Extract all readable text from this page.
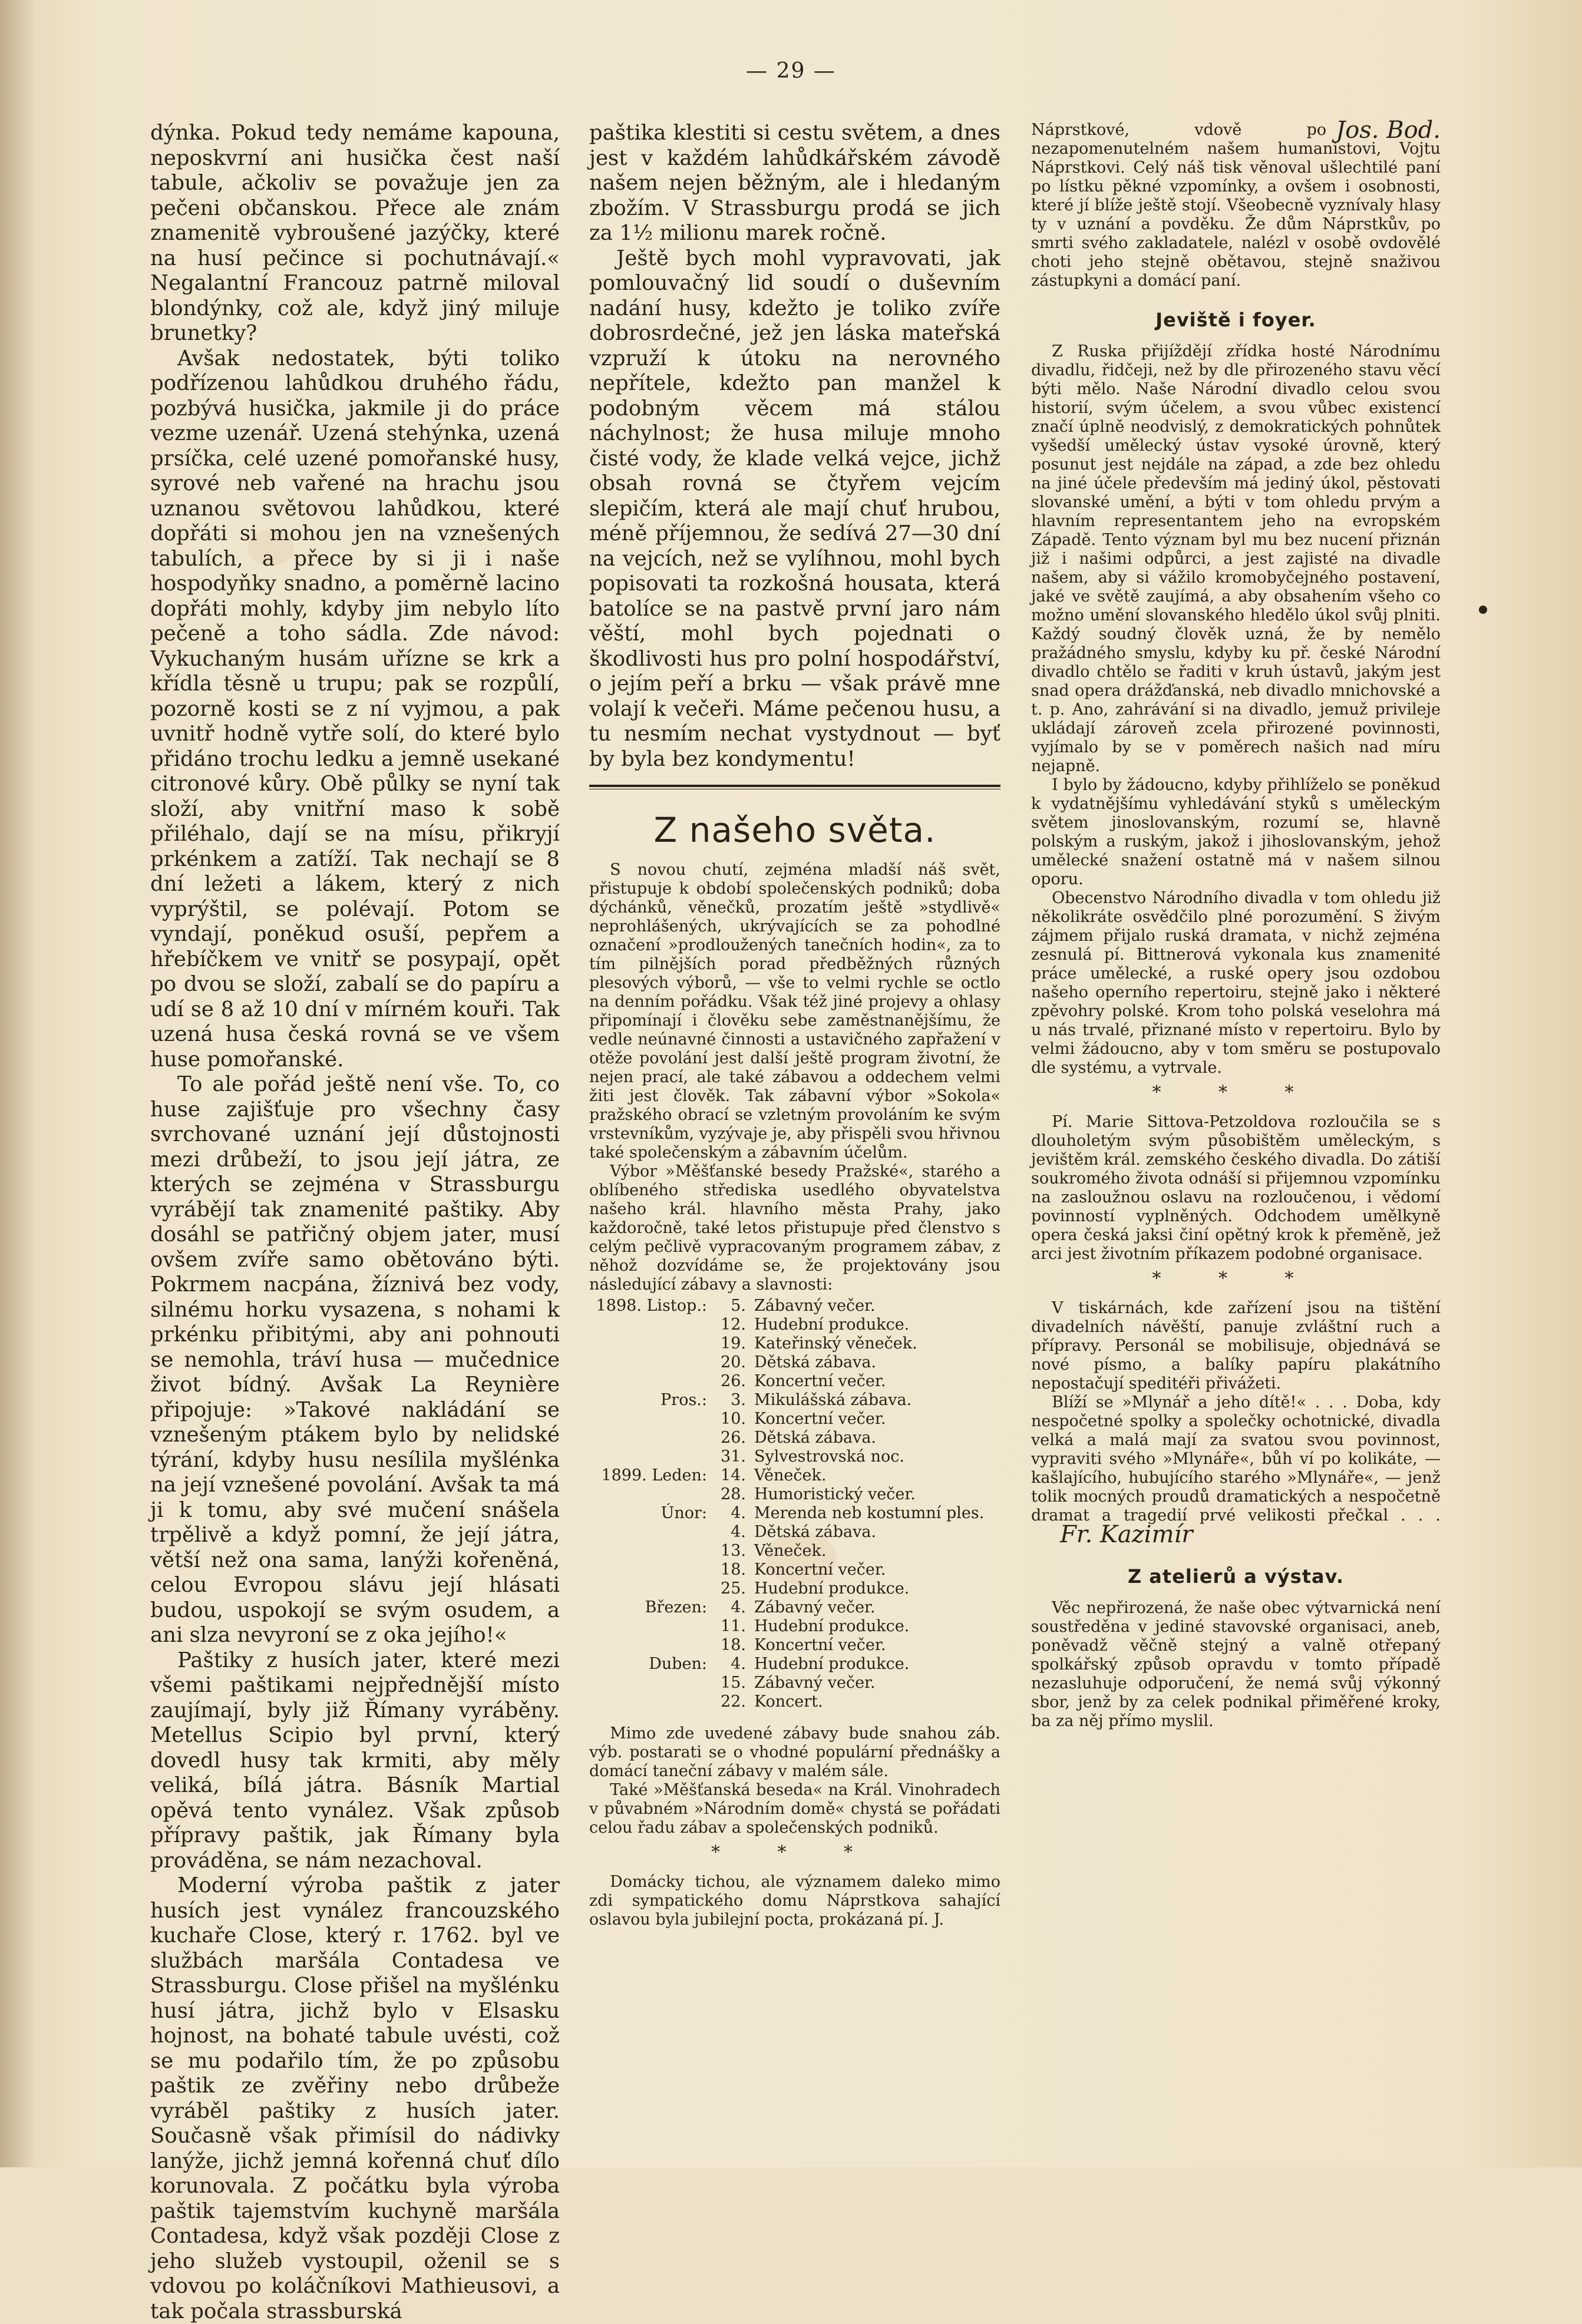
— 29 —

dýnka. Pokud tedy nemáme kapouna, neposkvrní ani husička čest naší tabule, ačkoliv se považuje jen za pečeni občanskou. Přece ale znám znamenitě vybroušené jazýčky, které na husí pečince si pochutnávají.« Negalantní Francouz patrně miloval blondýnky, což ale, když jiný miluje brunetky?

Avšak nedostatek, býti toliko podřízenou lahůdkou druhého řádu, pozbývá husička, jakmile ji do práce vezme uzenář. Uzená stehýnka, uzená prsíčka, celé uzené pomořanské husy, syrové neb vařené na hrachu jsou uznanou světovou lahůdkou, které dopřáti si mohou jen na vznešených tabulích, a přece by si ji i naše hospodyňky snadno, a poměrně lacino dopřáti mohly, kdyby jim nebylo líto pečeně a toho sádla. Zde návod: Vykuchaným husám uřízne se krk a křídla těsně u trupu; pak se rozpůlí, pozorně kosti se z ní vyjmou, a pak uvnitř hodně vytře solí, do které bylo přidáno trochu ledku a jemně usekané citronové kůry. Obě půlky se nyní tak složí, aby vnitřní maso k sobě přiléhalo, dají se na mísu, přikryjí prkénkem a zatíží. Tak nechají se 8 dní ležeti a lákem, který z nich vyprýštil, se polévají. Potom se vyndají, poněkud osuší, pepřem a hřebíčkem ve vnitř se posypají, opět po dvou se složí, zabalí se do papíru a udí se 8 až 10 dní v mírném kouři. Tak uzená husa česká rovná se ve všem huse pomořanské.

To ale pořád ještě není vše. To, co huse zajišťuje pro všechny časy svrchované uznání její důstojnosti mezi drůbeží, to jsou její játra, ze kterých se zejména v Strassburgu vyrábějí tak znamenité paštiky. Aby dosáhl se patřičný objem jater, musí ovšem zvíře samo obětováno býti. Pokrmem nacpána, žíznivá bez vody, silnému horku vysazena, s nohami k prkénku přibitými, aby ani pohnouti se nemohla, tráví husa — mučednice život bídný. Avšak La Reynière připojuje: »Takové nakládání se vznešeným ptákem bylo by nelidské týrání, kdyby husu nesílila myšlénka na její vznešené povolání. Avšak ta má ji k tomu, aby své mučení snášela trpělivě a když pomní, že její játra, větší než ona sama, lanýži kořeněná, celou Evropou slávu její hlásati budou, uspokojí se svým osudem, a ani slza nevyroní se z oka jejího!«

Paštiky z husích jater, které mezi všemi paštikami nejpřednější místo zaujímají, byly již Římany vyráběny. Metellus Scipio byl první, který dovedl husy tak krmiti, aby měly veliká, bílá játra. Básník Martial opěvá tento vynález. Však způsob přípravy paštik, jak Římany byla prováděna, se nám nezachoval.

Moderní výroba paštik z jater husích jest vynález francouzského kuchaře Close, který r. 1762. byl ve službách maršála Contadesa ve Strassburgu. Close přišel na myšlénku husí játra, jichž bylo v Elsasku hojnost, na bohaté tabule uvésti, což se mu podařilo tím, že po způsobu paštik ze zvěřiny nebo drůbeže vyráběl paštiky z husích jater. Současně však přimísil do nádivky lanýže, jichž jemná kořenná chuť dílo korunovala. Z počátku byla výroba paštik tajemstvím kuchyně maršála Contadesa, když však později Close z jeho služeb vystoupil, oženil se s vdovou po koláčníkovi Mathieusovi, a tak počala strassburská

paštika klestiti si cestu světem, a dnes jest v každém lahůdkářském závodě našem nejen běžným, ale i hledaným zbožím. V Strassburgu prodá se jich za 1½ milionu marek ročně.

Ještě bych mohl vypravovati, jak pomlouvačný lid soudí o duševním nadání husy, kdežto je toliko zvíře dobrosrdečné, jež jen láska mateřská vzpruží k útoku na nerovného nepřítele, kdežto pan manžel k podobným věcem má stálou náchylnost; že husa miluje mnoho čisté vody, že klade velká vejce, jichž obsah rovná se čtyřem vejcím slepičím, která ale mají chuť hrubou, méně příjemnou, že sedívá 27—30 dní na vejcích, než se vylíhnou, mohl bych popisovati ta rozkošná housata, která batolíce se na pastvě první jaro nám věští, mohl bych pojednati o škodlivosti hus pro polní hospodářství, o jejím peří a brku — však právě mne volají k večeři. Máme pečenou husu, a tu nesmím nechat vystydnout — byť by byla bez kondymentu!

Z našeho světa.

S novou chutí, zejména mladší náš svět, přistupuje k období společenských podniků; doba dýchánků, věnečků, prozatím ještě »stydlivě« neprohlášených, ukrývajících se za pohodlné označení »prodloužených tanečních hodin«, za to tím pilnějších porad předběžných různých plesových výborů, — vše to velmi rychle se octlo na denním pořádku. Však též jiné projevy a ohlasy připomínají i člověku sebe zaměstnanějšímu, že vedle neúnavné činnosti a ustavičného zapřažení v otěže povolání jest další ještě program životní, že nejen prací, ale také zábavou a oddechem velmi žiti jest člověk. Tak zábavní výbor »Sokola« pražského obrací se vzletným provoláním ke svým vrstevníkům, vyzývaje je, aby přispěli svou hřivnou také společenským a zábavním účelům.

Výbor »Měšťanské besedy Pražské«, starého a oblíbeného střediska usedlého obyvatelstva našeho král. hlavního města Prahy, jako každoročně, také letos přistupuje před členstvo s celým pečlivě vypracovaným programem zábav, z něhož dozvídáme se, že projektovány jsou následující zábavy a slavnosti:

1898. Listop.:	5.	Zábavný večer.
	12.	Hudební produkce.
	19.	Kateřinský věneček.
	20.	Dětská zábava.
	26.	Koncertní večer.
Pros.:	3.	Mikulášská zábava.
	10.	Koncertní večer.
	26.	Dětská zábava.
	31.	Sylvestrovská noc.
1899. Leden:	14.	Věneček.
	28.	Humoristický večer.
Únor:	4.	Merenda neb kostumní ples.
	4.	Dětská zábava.
	13.	Věneček.
	18.	Koncertní večer.
	25.	Hudební produkce.
Březen:	4.	Zábavný večer.
	11.	Hudební produkce.
	18.	Koncertní večer.
Duben:	4.	Hudební produkce.
	15.	Zábavný večer.
	22.	Koncert.

Mimo zde uvedené zábavy bude snahou záb. výb. postarati se o vhodné populární přednášky a domácí taneční zábavy v malém sále.

Také »Měšťanská beseda« na Král. Vinohradech v půvabném »Národním domě« chystá se pořádati celou řadu zábav a společenských podniků.

* * *

Domácky tichou, ale významem daleko mimo zdi sympatického domu Náprstkova sahající oslavou byla jubilejní pocta, prokázaná pí. J.

Jos. Bod.
Náprstkové, vdově po nezapomenutelném našem humanistovi, Vojtu Náprstkovi. Celý náš tisk věnoval ušlechtilé paní po lístku pěkné vzpomínky, a ovšem i osobnosti, které jí blíže ještě stojí. Všeobecně vyznívaly hlasy ty v uznání a povděku. Že dům Náprstkův, po smrti svého zakladatele, nalézl v osobě ovdovělé choti jeho stejně obětavou, stejně snaživou zástupkyni a domácí paní.

Jeviště i foyer.

Z Ruska přijíždějí zřídka hosté Národnímu divadlu, řidčeji, než by dle přirozeného stavu věcí býti mělo. Naše Národní divadlo celou svou historií, svým účelem, a svou vůbec existencí značí úplně neodvislý, z demokratických pohnůtek vyšedší umělecký ústav vysoké úrovně, který posunut jest nejdále na západ, a zde bez ohledu na jiné účele především má jediný úkol, pěstovati slovanské umění, a býti v tom ohledu prvým a hlavním representantem jeho na evropském Západě. Tento význam byl mu bez nucení přiznán již i našimi odpůrci, a jest zajisté na divadle našem, aby si vážilo kromobyčejného postavení, jaké ve světě zaujímá, a aby obsahením všeho co možno umění slovanského hledělo úkol svůj plniti. Každý soudný člověk uzná, že by nemělo pražádného smyslu, kdyby ku př. české Národní divadlo chtělo se řaditi v kruh ústavů, jakým jest snad opera drážďanská, neb divadlo mnichovské a t. p. Ano, zahrávání si na divadlo, jemuž privileje ukládají zároveň zcela přirozené povinnosti, vyjímalo by se v poměrech našich nad míru nejapně.

I bylo by žádoucno, kdyby přihlíželo se poněkud k vydatnějšímu vyhledávání styků s uměleckým světem jinoslovanským, rozumí se, hlavně polským a ruským, jakož i jihoslovanským, jehož umělecké snažení ostatně má v našem silnou oporu.

Obecenstvo Národního divadla v tom ohledu již několikráte osvědčilo plné porozumění. S živým zájmem přijalo ruská dramata, v nichž zejména zesnulá pí. Bittnerová vykonala kus znamenité práce umělecké, a ruské opery jsou ozdobou našeho operního repertoiru, stejně jako i některé zpěvohry polské. Krom toho polská veselohra má u nás trvalé, přiznané místo v repertoiru. Bylo by velmi žádoucno, aby v tom směru se postupovalo dle systému, a vytrvale.

* * *

Pí. Marie Sittova-Petzoldova rozloučila se s dlouholetým svým působištěm uměleckým, s jevištěm král. zemského českého divadla. Do zátiší soukromého života odnáší si přijemnou vzpomínku na zasloužnou oslavu na rozloučenou, i vědomí povinností vyplněných. Odchodem umělkyně opera česká jaksi činí opětný krok k přeměně, jež arci jest životním příkazem podobné organisace.

* * *

V tiskárnách, kde zařízení jsou na tištění divadelních návěští, panuje zvláštní ruch a přípravy. Personál se mobilisuje, objednává se nové písmo, a balíky papíru plakátního nepostačují speditéři přivážeti.

Blíží se »Mlynář a jeho dítě!« . . . Doba, kdy nespočetné spolky a společky ochotnické, divadla velká a malá mají za svatou svou povinnost, vypraviti svého »Mlynáře«, bůh ví po kolikáte, — kašlajícího, hubujícího starého »Mlynáře«, — jenž tolik mocných proudů dramatických a nespočetně dramat a tragedií prvé velikosti přečkal . . . Fr. Kazimír

Z atelierů a výstav.

Věc nepřirozená, že naše obec výtvarnická není soustředěna v jediné stavovské organisaci, aneb, poněvadž věčně stejný a valně otřepaný spolkářský způsob opravdu v tomto případě nezasluhuje odporučení, že nemá svůj výkonný sbor, jenž by za celek podnikal přiměřené kroky, ba za něj přímo myslil.
